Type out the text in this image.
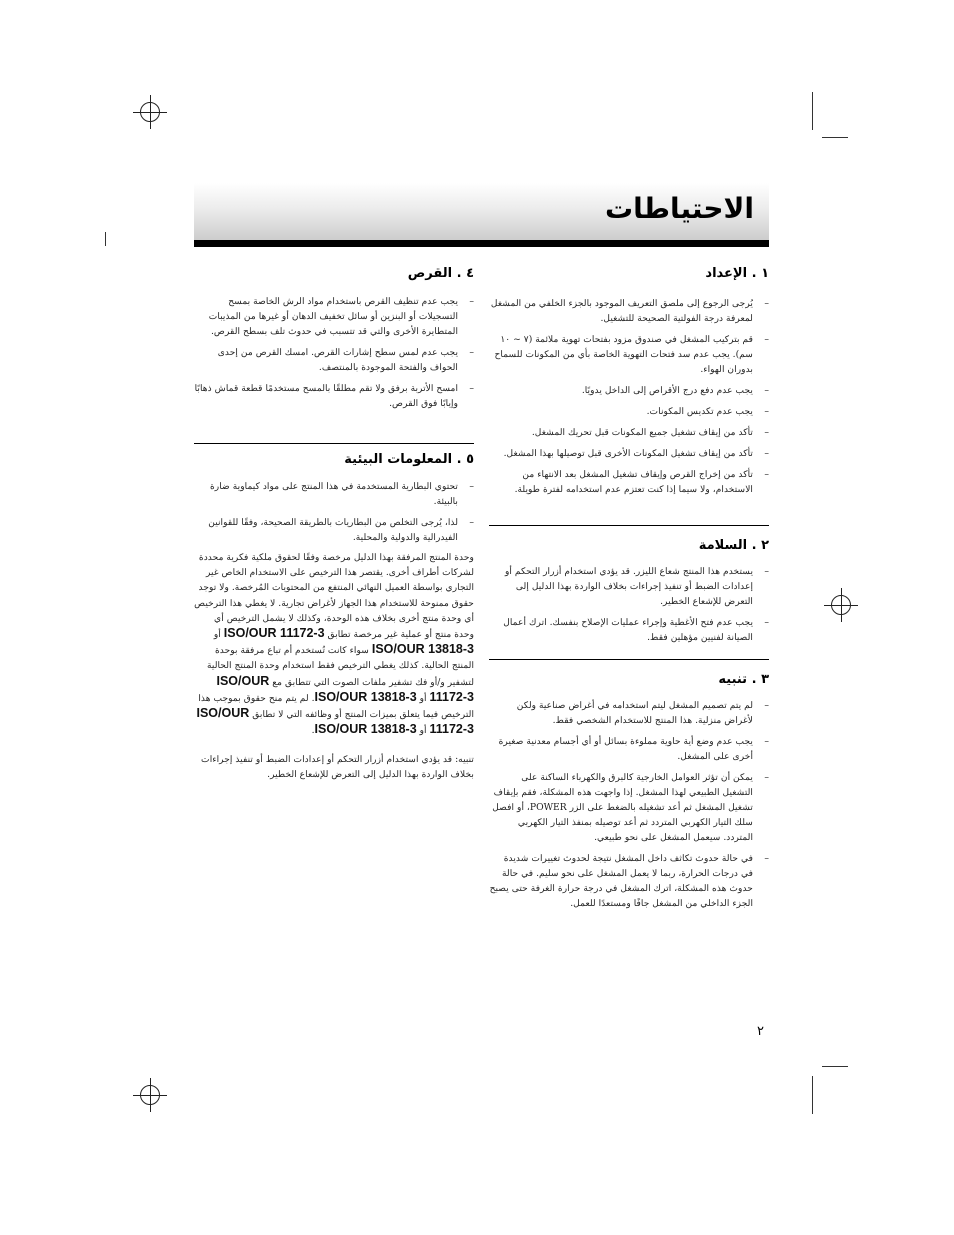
الاحتياطات
١ . الإعداد
– يُرجى الرجوع إلى ملصق التعريف الموجود بالجزء الخلفي من المشغل لمعرفة درجة الفولتية الصحيحة للتشغيل.
– قم بتركيب المشغل في صندوق مزود بفتحات تهوية ملائمة (٧ ~ ١٠ سم). يجب عدم سد فتحات التهوية الخاصة بأي من المكونات للسماح بدوران الهواء.
– يجب عدم دفع درج الأقراص إلى الداخل يدويًا.
– يجب عدم تكديس المكونات.
– تأكد من إيقاف تشغيل جميع المكونات قبل تحريك المشغل.
– تأكد من إيقاف تشغيل المكونات الأخرى قبل توصيلها بهذا المشغل.
– تأكد من إخراج القرص وإيقاف تشغيل المشغل بعد الانتهاء من الاستخدام، ولا سيما إذا كنت تعتزم عدم استخدامه لفترة طويلة.
٢ . السلامة
– يستخدم هذا المنتج شعاع الليزر. قد يؤدي استخدام أزرار التحكم أو إعدادات الضبط أو تنفيذ إجراءات بخلاف الواردة بهذا الدليل إلى التعرض للإشعاع الخطير.
– يجب عدم فتح الأغطية وإجراء عمليات الإصلاح بنفسك. اترك أعمال الصيانة لفنيين مؤهلين فقط.
٣ . تنبيه
– لم يتم تصميم المشغل ليتم استخدامه في أغراض صناعية ولكن لأغراض منزلية. هذا المنتج للاستخدام الشخصي فقط.
– يجب عدم وضع أية حاوية مملوءة بسائل أو أي أجسام معدنية صغيرة أخرى على المشغل.
– يمكن أن تؤثر العوامل الخارجية كالبرق والكهرباء الساكنة على التشغيل الطبيعي لهذا المشغل. إذا واجهت هذه المشكلة، فقم بإيقاف تشغيل المشغل ثم أعد تشغيله بالضغط على الزر POWER، أو افصل سلك التيار الكهربي المتردد ثم أعد توصيله بمنفذ التيار الكهربي المتردد. سيعمل المشغل على نحو طبيعي.
– في حالة حدوث تكاثف داخل المشغل نتيجة لحدوث تغييرات شديدة في درجات الحرارة، ربما لا يعمل المشغل على نحو سليم. في حالة حدوث هذه المشكلة، اترك المشغل في درجة حرارة الغرفة حتى يصبح الجزء الداخلي من المشغل جافًا ومستعدًا للعمل.
٤ . القرص
– يجب عدم تنظيف القرص باستخدام مواد الرش الخاصة بمسح التسجيلات أو البنزين أو سائل تخفيف الدهان أو غيرها من المذيبات المتطايرة الأخرى والتي قد تتسبب في حدوث تلف بسطح القرص.
– يجب عدم لمس سطح إشارات القرص. امسك القرص من إحدى الحواف والفتحة الموجودة بالمنتصف.
– امسح الأتربة برفق ولا تقم مطلقًا بالمسح مستخدمًا قطعة قماش ذهابًا وإيابًا فوق القرص.
٥ . المعلومات البيئية
– تحتوي البطارية المستخدمة في هذا المنتج على مواد كيماوية ضارة بالبيئة.
– لذا، يُرجى التخلص من البطاريات بالطريقة الصحيحة، وفقًا للقوانين الفيدرالية والدولية والمحلية.

وحدة المنتج المرفقة بهذا الدليل مرخصة وفقًا لحقوق ملكية فكرية محددة لشركات أطراف أخرى. يقتصر هذا الترخيص على الاستخدام الخاص غير التجاري بواسطة العميل النهائي المنتفع من المحتويات المُرخصة. ولا توجد حقوق ممنوحة للاستخدام هذا الجهاز لأغراض تجارية. لا يغطي هذا الترخيص أي وحدة منتج أخرى بخلاف هذه الوحدة، وكذلك لا يشمل الترخيص أي وحدة منتج أو عملية غير مرخصة تطابق ISO/OUR 11172-3 أو ISO/OUR 13818-3 سواء كانت تُستخدم أم تباع مرفقة بوحدة المنتج الحالية. كذلك يغطي الترخيص فقط استخدام وحدة المنتج الحالية لتشفير و/أو فك تشفير ملفات الصوت التي تتطابق مع ISO/OUR 11172-3 أو ISO/OUR 13818-3. لم يتم منح حقوق بموجب هذا الترخيص فيما يتعلق بميزات المنتج أو وظائفه التي لا تطابق ISO/OUR 11172-3 أو ISO/OUR 13818-3.

تنبيه: قد يؤدي استخدام أزرار التحكم أو إعدادات الضبط أو تنفيذ إجراءات بخلاف الواردة بهذا الدليل إلى التعرض للإشعاع الخطير.

٢
